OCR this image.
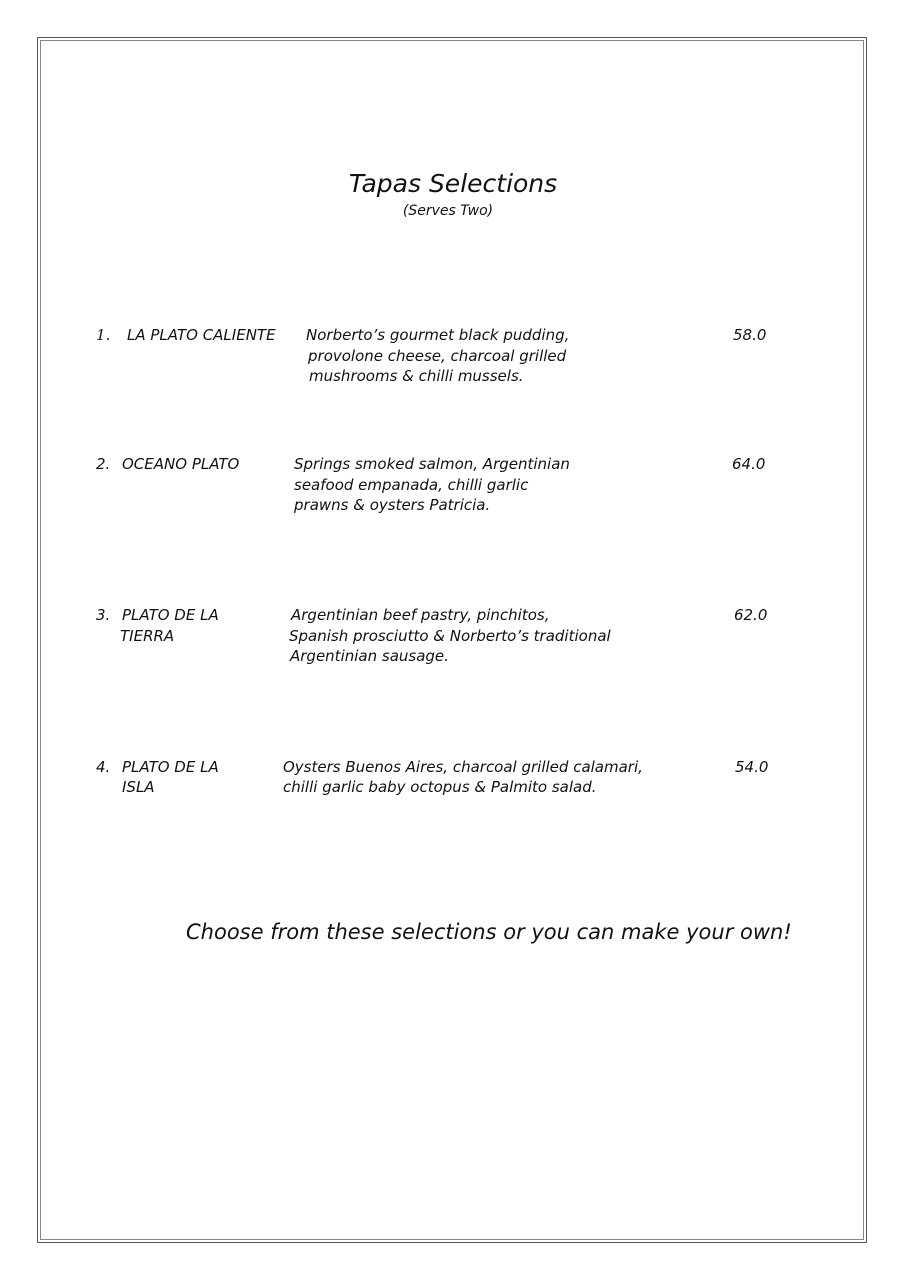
Tapas Selections
(Serves Two)
1. LA PLATO CALIENTE Norberto’s gourmet black pudding,
provolone cheese, charcoal grilled
mushrooms & chilli mussels.
58.0
2. OCEANO PLATO	Springs smoked salmon, Argentinian
seafood empanada, chilli garlic
prawns & oysters Patricia.
64.0
3. PLATO DE LA
TIERRA
Argentinian beef pastry, pinchitos,
Spanish prosciutto & Norberto’s traditional
Argentinian sausage.
62.0
4. PLATO DE LA
ISLA
Oysters Buenos Aires, charcoal grilled calamari,
chilli garlic baby octopus & Palmito salad.
54.0
Choose from these selections or you can make your own!
